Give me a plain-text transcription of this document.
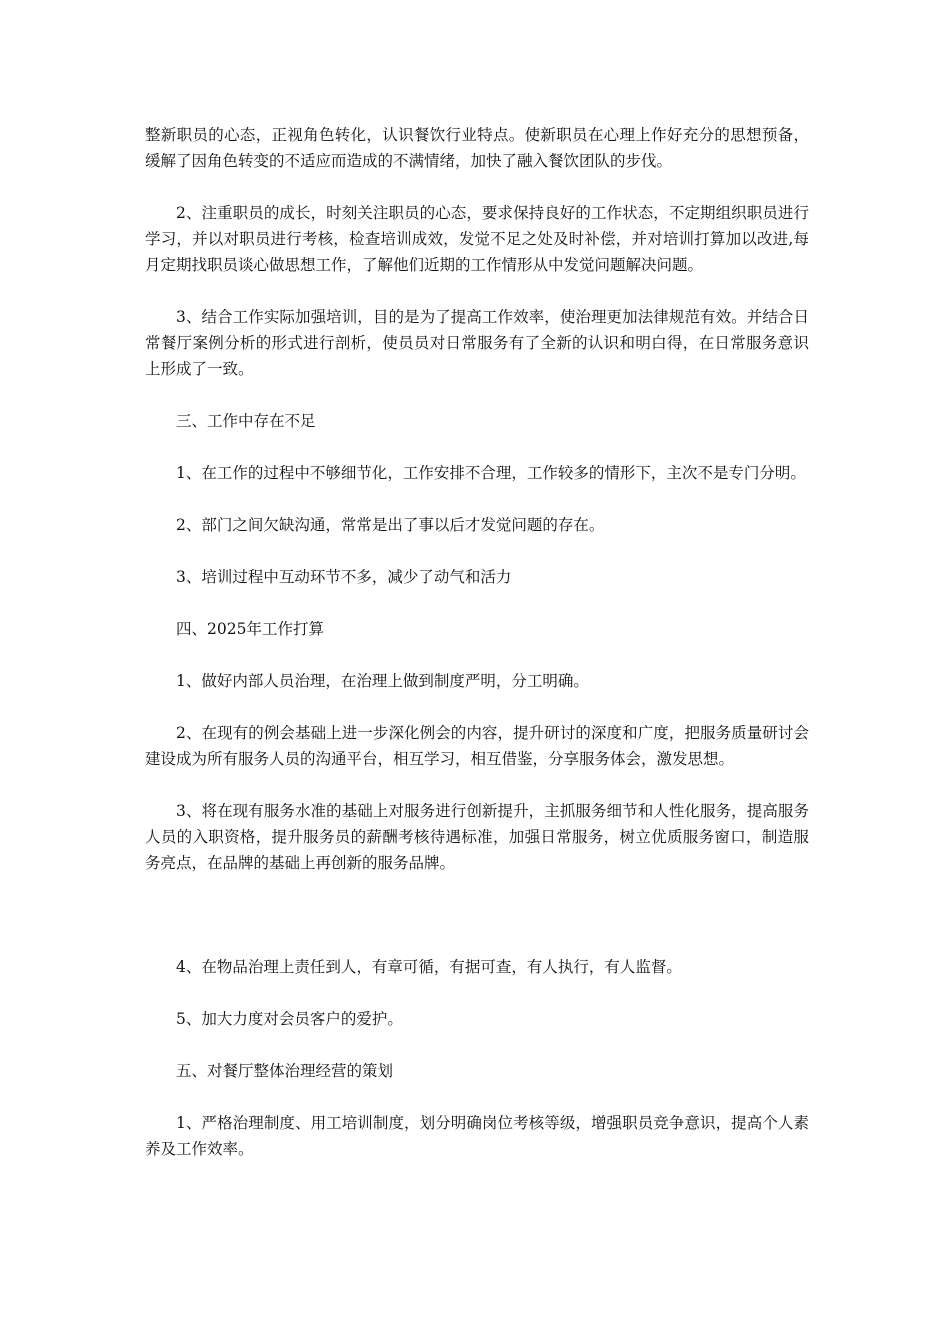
整新职员的心态，正视角色转化，认识餐饮行业特点。使新职员在心理上作好充分的思想预备，缓解了因角色转变的不适应而造成的不满情绪，加快了融入餐饮团队的步伐。

2、注重职员的成长，时刻关注职员的心态，要求保持良好的工作状态，不定期组织职员进行学习，并以对职员进行考核，检查培训成效，发觉不足之处及时补偿，并对培训打算加以改进,每月定期找职员谈心做思想工作，了解他们近期的工作情形从中发觉问题解决问题。

3、结合工作实际加强培训，目的是为了提高工作效率，使治理更加法律规范有效。并结合日常餐厅案例分析的形式进行剖析，使员员对日常服务有了全新的认识和明白得，在日常服务意识上形成了一致。

三、工作中存在不足

1、在工作的过程中不够细节化，工作安排不合理，工作较多的情形下，主次不是专门分明。

2、部门之间欠缺沟通，常常是出了事以后才发觉问题的存在。

3、培训过程中互动环节不多，减少了动气和活力

四、2025年工作打算

1、做好内部人员治理，在治理上做到制度严明，分工明确。

2、在现有的例会基础上进一步深化例会的内容，提升研讨的深度和广度，把服务质量研讨会建设成为所有服务人员的沟通平台，相互学习，相互借鉴，分享服务体会，激发思想。

3、将在现有服务水准的基础上对服务进行创新提升，主抓服务细节和人性化服务，提高服务人员的入职资格，提升服务员的薪酬考核待遇标准，加强日常服务，树立优质服务窗口，制造服务亮点，在品牌的基础上再创新的服务品牌。

4、在物品治理上责任到人，有章可循，有据可查，有人执行，有人监督。

5、加大力度对会员客户的爱护。

五、对餐厅整体治理经营的策划

1、严格治理制度、用工培训制度，划分明确岗位考核等级，增强职员竞争意识，提高个人素养及工作效率。
